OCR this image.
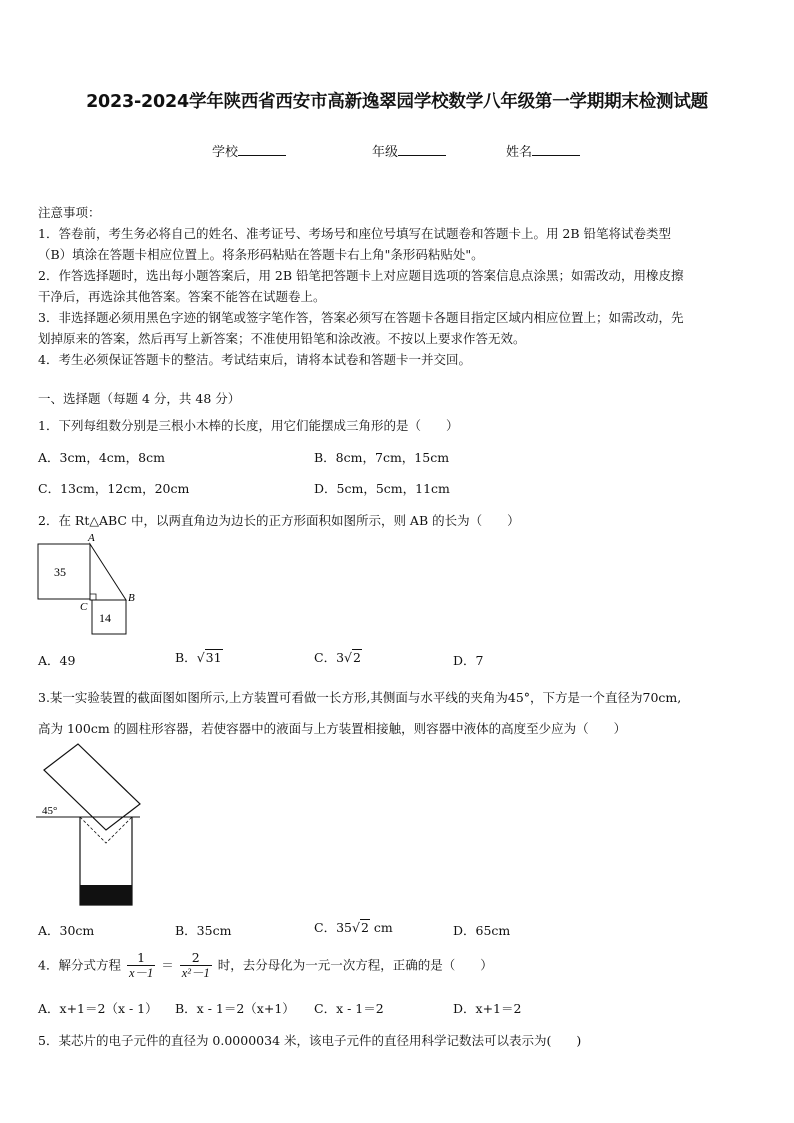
2023-2024学年陕西省西安市高新逸翠园学校数学八年级第一学期期末检测试题
学校	年级	姓名
注意事项：
1．答卷前，考生务必将自己的姓名、准考证号、考场号和座位号填写在试题卷和答题卡上。用 2B 铅笔将试卷类型
（B）填涂在答题卡相应位置上。将条形码粘贴在答题卡右上角"条形码粘贴处"。
2．作答选择题时，选出每小题答案后，用 2B 铅笔把答题卡上对应题目选项的答案信息点涂黑；如需改动，用橡皮擦
干净后，再选涂其他答案。答案不能答在试题卷上。
3．非选择题必须用黑色字迹的钢笔或签字笔作答，答案必须写在答题卡各题目指定区域内相应位置上；如需改动，先
划掉原来的答案，然后再写上新答案；不准使用铅笔和涂改液。不按以上要求作答无效。
4．考生必须保证答题卡的整洁。考试结束后，请将本试卷和答题卡一并交回。
一、选择题（每题 4 分，共 48 分）
1．下列每组数分别是三根小木棒的长度，用它们能摆成三角形的是（　　）
A．3cm，4cm，8cm	B．8cm，7cm，15cm
C．13cm，12cm，20cm	D．5cm，5cm，11cm
2．在 Rt△ABC 中，以两直角边为边长的正方形面积如图所示，则 AB 的长为（　　）
35
14
A
B
C
A．49	B．√31	C．3√2	D．7
3.某一实验装置的截面图如图所示,上方装置可看做一长方形,其侧面与水平线的夹角为45°，下方是一个直径为70cm,
高为 100cm 的圆柱形容器，若使容器中的液面与上方装置相接触，则容器中液体的高度至少应为（　　）
45°
A．30cm	B．35cm	C．35√2 cm	D．65cm
4．解分式方程 $\frac{1}{x-1} = \frac{2}{\text{x²－1}}$ 时，去分母化为一元一次方程，正确的是（　　）
A．x+1＝2（x - 1） B．x - 1＝2（x+1） C．x - 1＝2	D．x+1＝2
5．某芯片的电子元件的直径为 0.0000034 米，该电子元件的直径用科学记数法可以表示为(　　)
